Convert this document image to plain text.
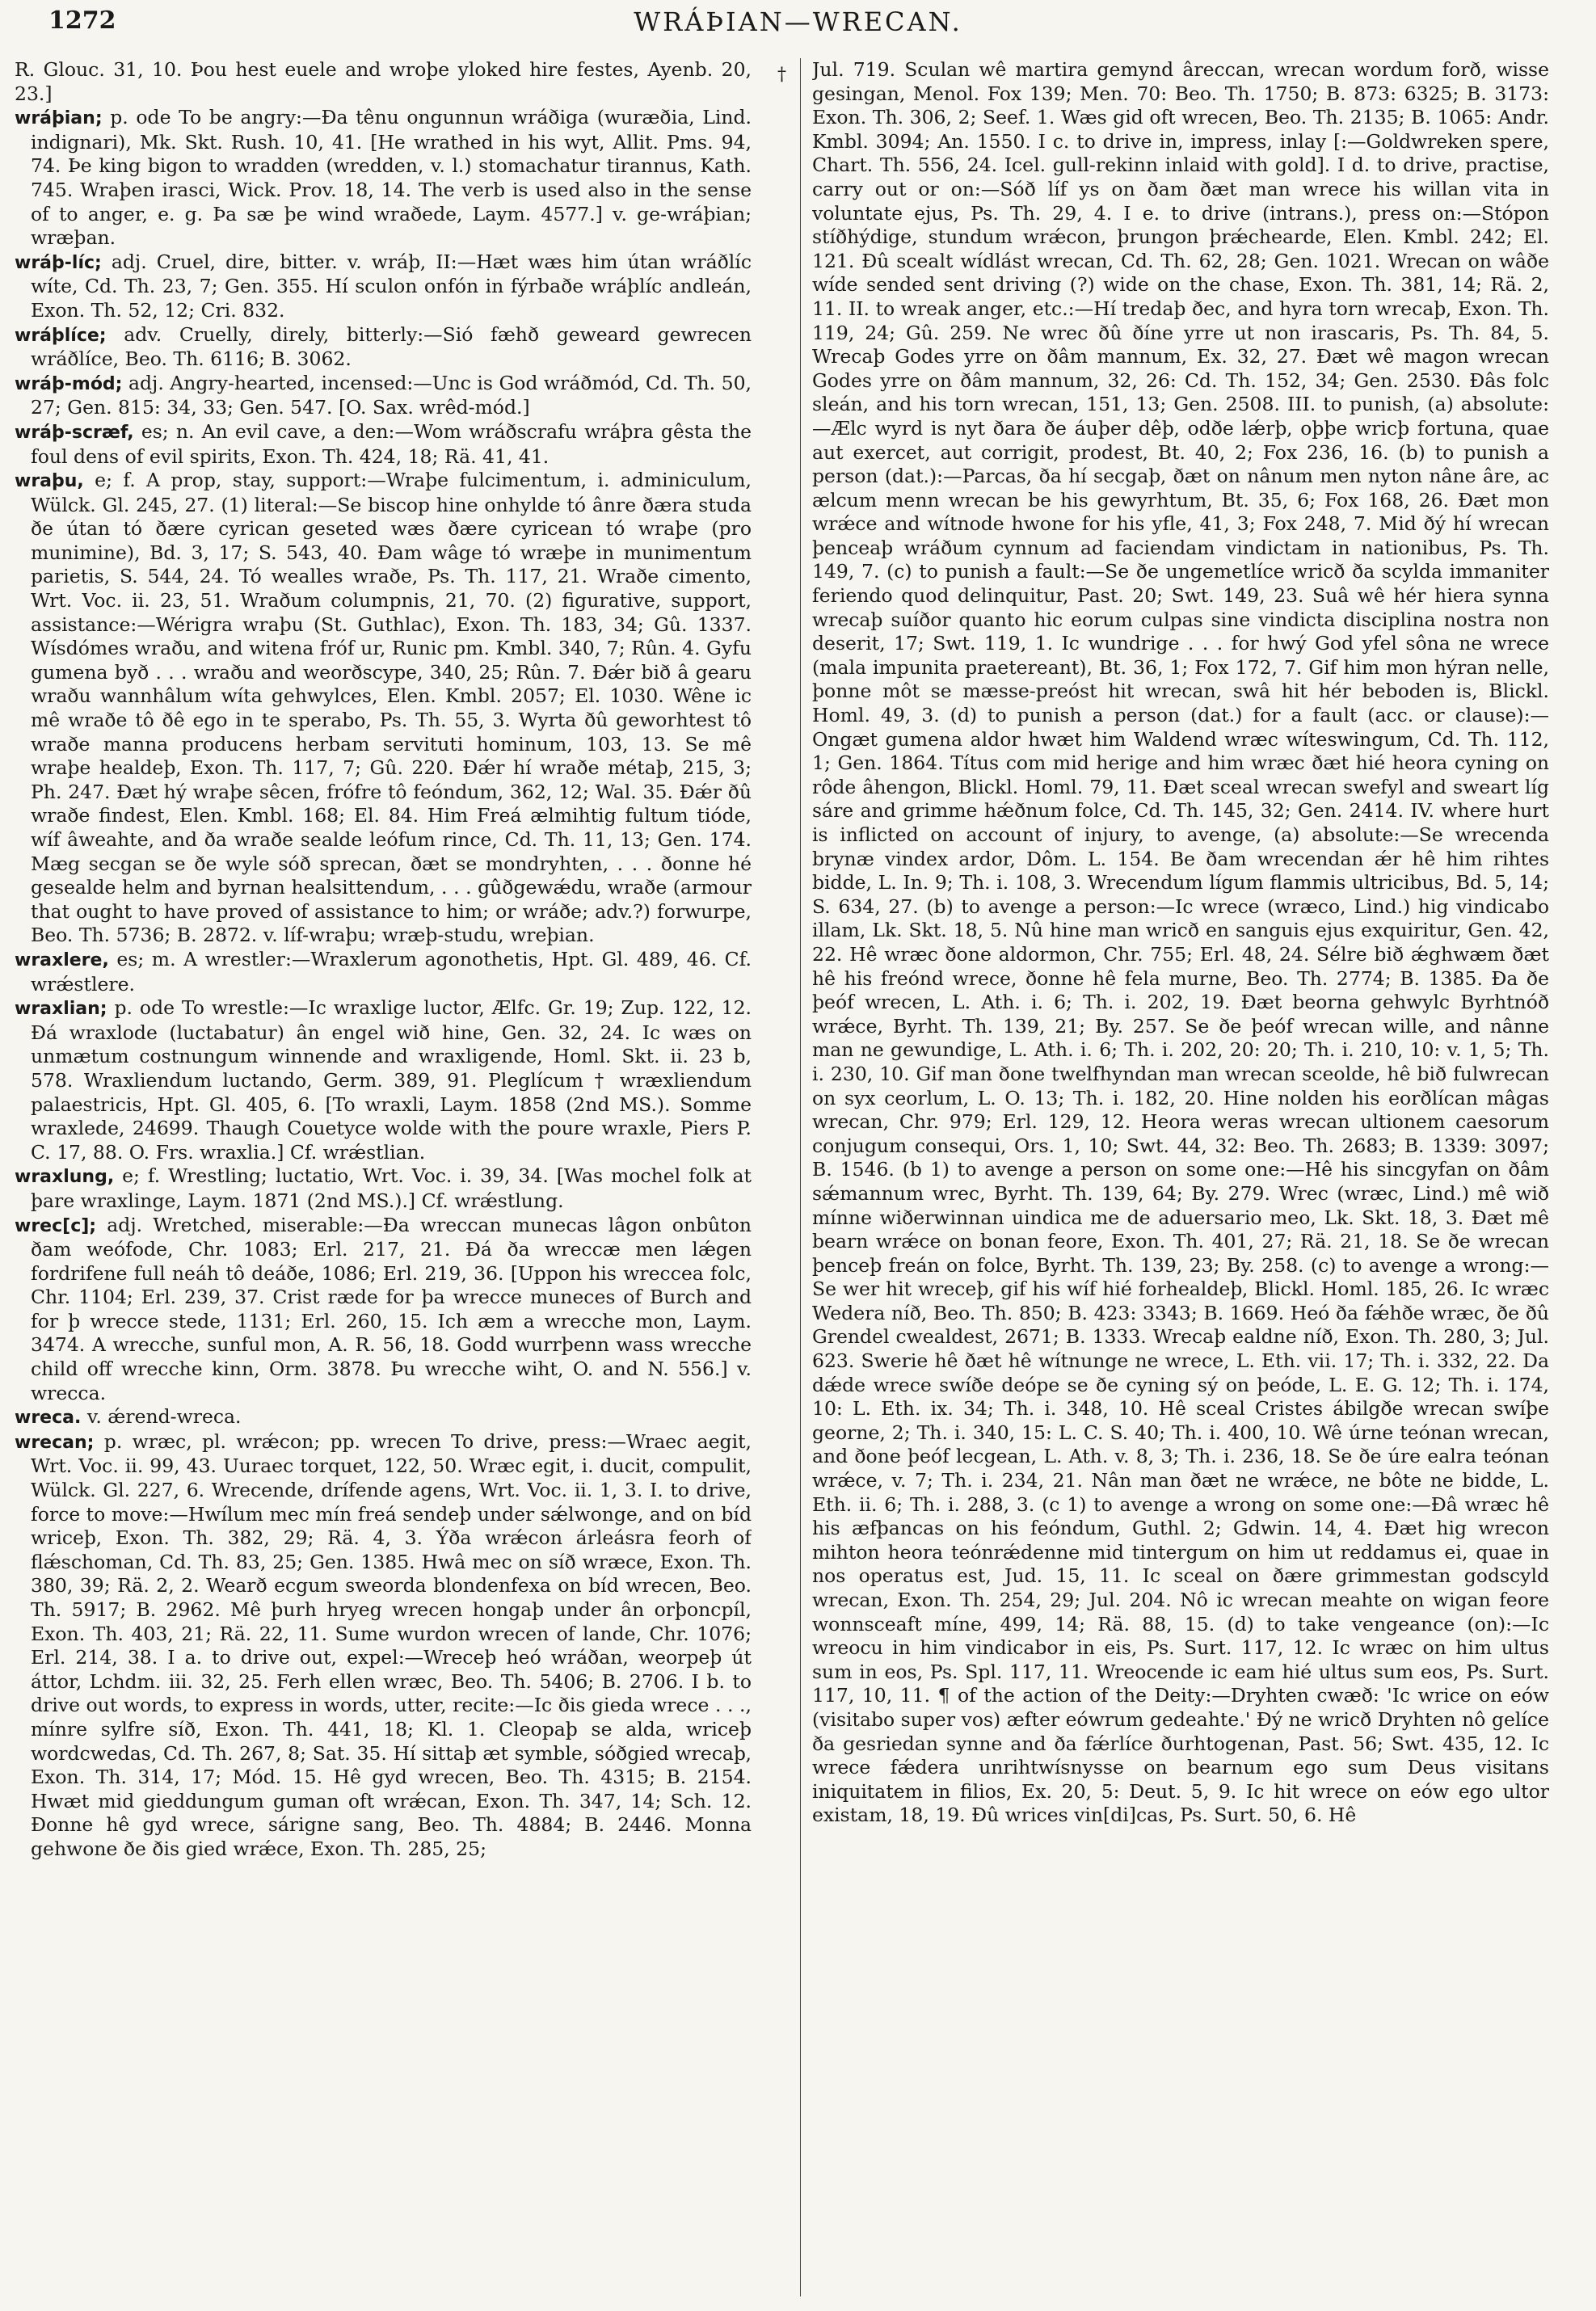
1272	WRÁÞIAN—WRECAN.

R. Glouc. 31, 10. Þou hest euele and wroþe yloked hire festes, Ayenb. 20, 23.]

wráþian; p. ode To be angry:—Ða tênu ongunnun wráðiga (wuræðia, Lind. indignari), Mk. Skt. Rush. 10, 41. [He wrathed in his wyt, Allit. Pms. 94, 74. Þe king bigon to wradden (wredden, v. l.) stomachatur tirannus, Kath. 745. Wraþen irasci, Wick. Prov. 18, 14. The verb is used also in the sense of to anger, e. g. Þa sæ þe wind wraðede, Laym. 4577.] v. ge-wráþian; wræþan.

wráþ-líc; adj. Cruel, dire, bitter. v. wráþ, II:—Hæt wæs him útan wráðlíc wíte, Cd. Th. 23, 7; Gen. 355. Hí sculon onfón in fýrbaðe wráþlíc andleán, Exon. Th. 52, 12; Cri. 832.

wráþlíce; adv. Cruelly, direly, bitterly:—Sió fæhð geweard gewrecen wráðlíce, Beo. Th. 6116; B. 3062.

wráþ-mód; adj. Angry-hearted, incensed:—Unc is God wráðmód, Cd. Th. 50, 27; Gen. 815: 34, 33; Gen. 547. [O. Sax. wrêd-mód.]

wráþ-scræf, es; n. An evil cave, a den:—Wom wráðscrafu wráþra gêsta the foul dens of evil spirits, Exon. Th. 424, 18; Rä. 41, 41.

wraþu, e; f. A prop, stay, support:—Wraþe fulcimentum, i. adminiculum, Wülck. Gl. 245, 27. (1) literal:—Se biscop hine onhylde tó ânre ðæra studa ðe útan tó ðære cyrican geseted wæs ðære cyricean tó wraþe (pro munimine), Bd. 3, 17; S. 543, 40. Ðam wâge tó wræþe in munimentum parietis, S. 544, 24. Tó wealles wraðe, Ps. Th. 117, 21. Wraðe cimento, Wrt. Voc. ii. 23, 51. Wraðum columpnis, 21, 70. (2) figurative, support, assistance:—Wérigra wraþu (St. Guthlac), Exon. Th. 183, 34; Gû. 1337. Wísdómes wraðu, and witena fróf ur, Runic pm. Kmbl. 340, 7; Rûn. 4. Gyfu gumena byð . . . wraðu and weorðscype, 340, 25; Rûn. 7. Ðǽr bið â gearu wraðu wannhâlum wíta gehwylces, Elen. Kmbl. 2057; El. 1030. Wêne ic mê wraðe tô ðê ego in te sperabo, Ps. Th. 55, 3. Wyrta ðû geworhtest tô wraðe manna producens herbam servituti hominum, 103, 13. Se mê wraþe healdeþ, Exon. Th. 117, 7; Gû. 220. Ðǽr hí wraðe métaþ, 215, 3; Ph. 247. Ðæt hý wraþe sêcen, frófre tô feóndum, 362, 12; Wal. 35. Ðǽr ðû wraðe findest, Elen. Kmbl. 168; El. 84. Him Freá ælmihtig fultum tióde, wíf âweahte, and ða wraðe sealde leófum rince, Cd. Th. 11, 13; Gen. 174. Mæg secgan se ðe wyle sóð sprecan, ðæt se mondryhten, . . . ðonne hé gesealde helm and byrnan healsittendum, . . . gûðgewǽdu, wraðe (armour that ought to have proved of assistance to him; or wráðe; adv.?) forwurpe, Beo. Th. 5736; B. 2872. v. líf-wraþu; wræþ-studu, wreþian.

wraxlere, es; m. A wrestler:—Wraxlerum agonothetis, Hpt. Gl. 489, 46. Cf. wrǽstlere.

wraxlian; p. ode To wrestle:—Ic wraxlige luctor, Ælfc. Gr. 19; Zup. 122, 12. Ðá wraxlode (luctabatur) ân engel wið hine, Gen. 32, 24. Ic wæs on unmætum costnungum winnende and wraxligende, Homl. Skt. ii. 23 b, 578. Wraxliendum luctando, Germ. 389, 91. Pleglícum † wræxliendum palaestricis, Hpt. Gl. 405, 6. [To wraxli, Laym. 1858 (2nd MS.). Somme wraxlede, 24699. Thaugh Couetyce wolde with the poure wraxle, Piers P. C. 17, 88. O. Frs. wraxlia.] Cf. wrǽstlian.

wraxlung, e; f. Wrestling; luctatio, Wrt. Voc. i. 39, 34. [Was mochel folk at þare wraxlinge, Laym. 1871 (2nd MS.).] Cf. wrǽstlung.

wrec[c]; adj. Wretched, miserable:—Ða wreccan munecas lâgon onbûton ðam weófode, Chr. 1083; Erl. 217, 21. Ðá ða wreccæ men lǽgen fordrifene full neáh tô deáðe, 1086; Erl. 219, 36. [Uppon his wreccea folc, Chr. 1104; Erl. 239, 37. Crist ræde for þa wrecce muneces of Burch and for þ wrecce stede, 1131; Erl. 260, 15. Ich æm a wrecche mon, Laym. 3474. A wrecche, sunful mon, A. R. 56, 18. Godd wurrþenn wass wrecche child off wrecche kinn, Orm. 3878. Þu wrecche wiht, O. and N. 556.] v. wrecca.

wreca. v. ǽrend-wreca.

wrecan; p. wræc, pl. wrǽcon; pp. wrecen To drive, press:—Wraec aegit, Wrt. Voc. ii. 99, 43. Uuraec torquet, 122, 50. Wræc egit, i. ducit, compulit, Wülck. Gl. 227, 6. Wrecende, drífende agens, Wrt. Voc. ii. 1, 3. I. to drive, force to move:—Hwílum mec mín freá sendeþ under sǽlwonge, and on bíd wriceþ, Exon. Th. 382, 29; Rä. 4, 3. Ýða wrǽcon árleásra feorh of flǽschoman, Cd. Th. 83, 25; Gen. 1385. Hwâ mec on síð wræce, Exon. Th. 380, 39; Rä. 2, 2. Wearð ecgum sweorda blondenfexa on bíd wrecen, Beo. Th. 5917; B. 2962. Mê þurh hryeg wrecen hongaþ under ân orþoncpíl, Exon. Th. 403, 21; Rä. 22, 11. Sume wurdon wrecen of lande, Chr. 1076; Erl. 214, 38. I a. to drive out, expel:—Wreceþ heó wráðan, weorpeþ út áttor, Lchdm. iii. 32, 25. Ferh ellen wræc, Beo. Th. 5406; B. 2706. I b. to drive out words, to express in words, utter, recite:—Ic ðis gieda wrece . . ., mínre sylfre síð, Exon. Th. 441, 18; Kl. 1. Cleopaþ se alda, wriceþ wordcwedas, Cd. Th. 267, 8; Sat. 35. Hí sittaþ æt symble, sóðgied wrecaþ, Exon. Th. 314, 17; Mód. 15. Hê gyd wrecen, Beo. Th. 4315; B. 2154. Hwæt mid gieddungum guman oft wrǽcan, Exon. Th. 347, 14; Sch. 12. Ðonne hê gyd wrece, sárigne sang, Beo. Th. 4884; B. 2446. Monna gehwone ðe ðis gied wrǽce, Exon. Th. 285, 25;

† Jul. 719. Sculan wê martira gemynd âreccan, wrecan wordum forð, wisse gesingan, Menol. Fox 139; Men. 70: Beo. Th. 1750; B. 873: 6325; B. 3173: Exon. Th. 306, 2; Seef. 1. Wæs gid oft wrecen, Beo. Th. 2135; B. 1065: Andr. Kmbl. 3094; An. 1550. I c. to drive in, impress, inlay [:—Goldwreken spere, Chart. Th. 556, 24. Icel. gull-rekinn inlaid with gold]. I d. to drive, practise, carry out or on:—Sóð líf ys on ðam ðæt man wrece his willan vita in voluntate ejus, Ps. Th. 29, 4. I e. to drive (intrans.), press on:—Stópon stíðhýdige, stundum wrǽcon, þrungon þrǽchearde, Elen. Kmbl. 242; El. 121. Ðû scealt wídlást wrecan, Cd. Th. 62, 28; Gen. 1021. Wrecan on wâðe wíde sended sent driving (?) wide on the chase, Exon. Th. 381, 14; Rä. 2, 11. II. to wreak anger, etc.:—Hí tredaþ ðec, and hyra torn wrecaþ, Exon. Th. 119, 24; Gû. 259. Ne wrec ðû ðíne yrre ut non irascaris, Ps. Th. 84, 5. Wrecaþ Godes yrre on ðâm mannum, Ex. 32, 27. Ðæt wê magon wrecan Godes yrre on ðâm mannum, 32, 26: Cd. Th. 152, 34; Gen. 2530. Ðâs folc sleán, and his torn wrecan, 151, 13; Gen. 2508. III. to punish, (a) absolute:—Ælc wyrd is nyt ðara ðe áuþer dêþ, odðe lǽrþ, oþþe wricþ fortuna, quae aut exercet, aut corrigit, prodest, Bt. 40, 2; Fox 236, 16. (b) to punish a person (dat.):—Parcas, ða hí secgaþ, ðæt on nânum men nyton nâne âre, ac ælcum menn wrecan be his gewyrhtum, Bt. 35, 6; Fox 168, 26. Ðæt mon wrǽce and wítnode hwone for his yfle, 41, 3; Fox 248, 7. Mid ðý hí wrecan þenceaþ wráðum cynnum ad faciendam vindictam in nationibus, Ps. Th. 149, 7. (c) to punish a fault:—Se ðe ungemetlíce wricð ða scylda immaniter feriendo quod delinquitur, Past. 20; Swt. 149, 23. Suâ wê hér hiera synna wrecaþ suíðor quanto hic eorum culpas sine vindicta disciplina nostra non deserit, 17; Swt. 119, 1. Ic wundrige . . . for hwý God yfel sôna ne wrece (mala impunita praetereant), Bt. 36, 1; Fox 172, 7. Gif him mon hýran nelle, þonne môt se mæsse-preóst hit wrecan, swâ hit hér beboden is, Blickl. Homl. 49, 3. (d) to punish a person (dat.) for a fault (acc. or clause):—Ongæt gumena aldor hwæt him Waldend wræc wíteswingum, Cd. Th. 112, 1; Gen. 1864. Títus com mid herige and him wræc ðæt hié heora cyning on rôde âhengon, Blickl. Homl. 79, 11. Ðæt sceal wrecan swefyl and sweart líg sáre and grimme hǽðnum folce, Cd. Th. 145, 32; Gen. 2414. IV. where hurt is inflicted on account of injury, to avenge, (a) absolute:—Se wrecenda brynæ vindex ardor, Dôm. L. 154. Be ðam wrecendan ǽr hê him rihtes bidde, L. In. 9; Th. i. 108, 3. Wrecendum lígum flammis ultricibus, Bd. 5, 14; S. 634, 27. (b) to avenge a person:—Ic wrece (wræco, Lind.) hig vindicabo illam, Lk. Skt. 18, 5. Nû hine man wricð en sanguis ejus exquiritur, Gen. 42, 22. Hê wræc ðone aldormon, Chr. 755; Erl. 48, 24. Sélre bið ǽghwæm ðæt hê his freónd wrece, ðonne hê fela murne, Beo. Th. 2774; B. 1385. Ða ðe þeóf wrecen, L. Ath. i. 6; Th. i. 202, 19. Ðæt beorna gehwylc Byrhtnóð wrǽce, Byrht. Th. 139, 21; By. 257. Se ðe þeóf wrecan wille, and nânne man ne gewundige, L. Ath. i. 6; Th. i. 202, 20: 20; Th. i. 210, 10: v. 1, 5; Th. i. 230, 10. Gif man ðone twelfhyndan man wrecan sceolde, hê bið fulwrecan on syx ceorlum, L. O. 13; Th. i. 182, 20. Hine nolden his eorðlícan mâgas wrecan, Chr. 979; Erl. 129, 12. Heora weras wrecan ultionem caesorum conjugum consequi, Ors. 1, 10; Swt. 44, 32: Beo. Th. 2683; B. 1339: 3097; B. 1546. (b 1) to avenge a person on some one:—Hê his sincgyfan on ðâm sǽmannum wrec, Byrht. Th. 139, 64; By. 279. Wrec (wræc, Lind.) mê wið mínne wiðerwinnan uindica me de aduersario meo, Lk. Skt. 18, 3. Ðæt mê bearn wrǽce on bonan feore, Exon. Th. 401, 27; Rä. 21, 18. Se ðe wrecan þenceþ freán on folce, Byrht. Th. 139, 23; By. 258. (c) to avenge a wrong:—Se wer hit wreceþ, gif his wíf hié forhealdeþ, Blickl. Homl. 185, 26. Ic wræc Wedera níð, Beo. Th. 850; B. 423: 3343; B. 1669. Heó ða fǽhðe wræc, ðe ðû Grendel cwealdest, 2671; B. 1333. Wrecaþ ealdne níð, Exon. Th. 280, 3; Jul. 623. Swerie hê ðæt hê wítnunge ne wrece, L. Eth. vii. 17; Th. i. 332, 22. Da dǽde wrece swíðe deópe se ðe cyning sý on þeóde, L. E. G. 12; Th. i. 174, 10: L. Eth. ix. 34; Th. i. 348, 10. Hê sceal Cristes ábilgðe wrecan swíþe georne, 2; Th. i. 340, 15: L. C. S. 40; Th. i. 400, 10. Wê úrne teónan wrecan, and ðone þeóf lecgean, L. Ath. v. 8, 3; Th. i. 236, 18. Se ðe úre ealra teónan wrǽce, v. 7; Th. i. 234, 21. Nân man ðæt ne wrǽce, ne bôte ne bidde, L. Eth. ii. 6; Th. i. 288, 3. (c 1) to avenge a wrong on some one:—Ðâ wræc hê his æfþancas on his feóndum, Guthl. 2; Gdwin. 14, 4. Ðæt hig wrecon mihton heora teónrǽdenne mid tintergum on him ut reddamus ei, quae in nos operatus est, Jud. 15, 11. Ic sceal on ðære grimmestan godscyld wrecan, Exon. Th. 254, 29; Jul. 204. Nô ic wrecan meahte on wigan feore wonnsceaft míne, 499, 14; Rä. 88, 15. (d) to take vengeance (on):—Ic wreocu in him vindicabor in eis, Ps. Surt. 117, 12. Ic wræc on him ultus sum in eos, Ps. Spl. 117, 11. Wreocende ic eam hié ultus sum eos, Ps. Surt. 117, 10, 11. ¶ of the action of the Deity:—Dryhten cwæð: 'Ic wrice on eów (visitabo super vos) æfter eówrum gedeahte.' Ðý ne wricð Dryhten nô gelíce ða gesriedan synne and ða fǽrlíce ðurhtogenan, Past. 56; Swt. 435, 12. Ic wrece fǽdera unrihtwísnysse on bearnum ego sum Deus visitans iniquitatem in filios, Ex. 20, 5: Deut. 5, 9. Ic hit wrece on eów ego ultor existam, 18, 19. Ðû wrices vin[di]cas, Ps. Surt. 50, 6. Hê
